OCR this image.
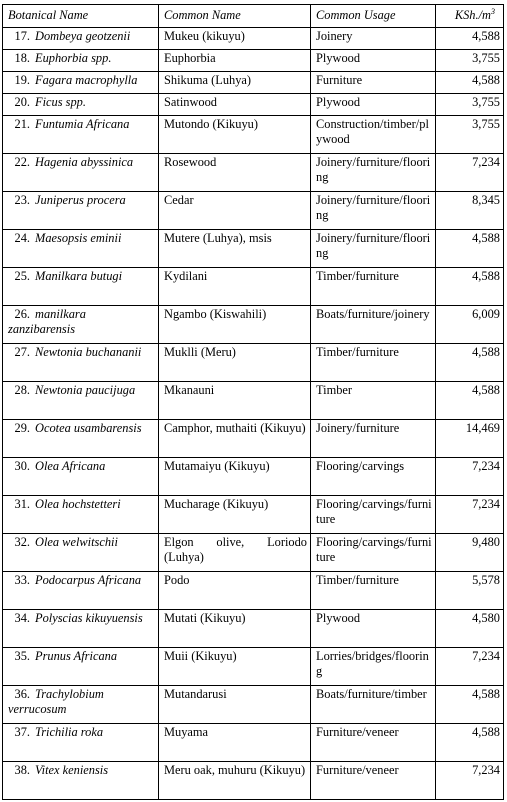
Botanical Name	Common Name	Common Usage	$KSh./m^3$
17. Dombeya geotzenii	Mukeu (kikuyu)	Joinery	4,588
18. Euphorbia spp.	Euphorbia	Plywood	3,755
19. Fagara macrophylla	Shikuma (Luhya)	Furniture	4,588
20. Ficus spp.	Satinwood	Plywood	3,755
21. Funtumia Africana	Mutondo (Kikuyu)	Construction/timber/plywood	3,755
22. Hagenia abyssinica	Rosewood	Joinery/furniture/flooring	7,234
23. Juniperus procera	Cedar	Joinery/furniture/flooring	8,345
24. Maesopsis eminii	Mutere (Luhya), msis	Joinery/furniture/flooring	4,588
25. Manilkara butugi	Kydilani	Timber/furniture	4,588
26. manilkara zanzibarensis	Ngambo (Kiswahili)	Boats/furniture/joinery	6,009
27. Newtonia buchananii	Muklli (Meru)	Timber/furniture	4,588
28. Newtonia paucijuga	Mkanauni	Timber	4,588
29. Ocotea usambarensis	Camphor, muthaiti (Kikuyu)	Joinery/furniture	14,469
30. Olea Africana	Mutamaiyu (Kikuyu)	Flooring/carvings	7,234
31. Olea hochstetteri	Mucharage (Kikuyu)	Flooring/carvings/furniture	7,234
32. Olea welwitschii	Elgon olive, Loriodo (Luhya)	Flooring/carvings/furniture	9,480
33. Podocarpus Africana	Podo	Timber/furniture	5,578
34. Polyscias kikuyuensis	Mutati (Kikuyu)	Plywood	4,580
35. Prunus Africana	Muii (Kikuyu)	Lorries/bridges/flooring	7,234
36. Trachylobium verrucosum	Mutandarusi	Boats/furniture/timber	4,588
37. Trichilia roka	Muyama	Furniture/veneer	4,588
38. Vitex keniensis	Meru oak, muhuru (Kikuyu)	Furniture/veneer	7,234
